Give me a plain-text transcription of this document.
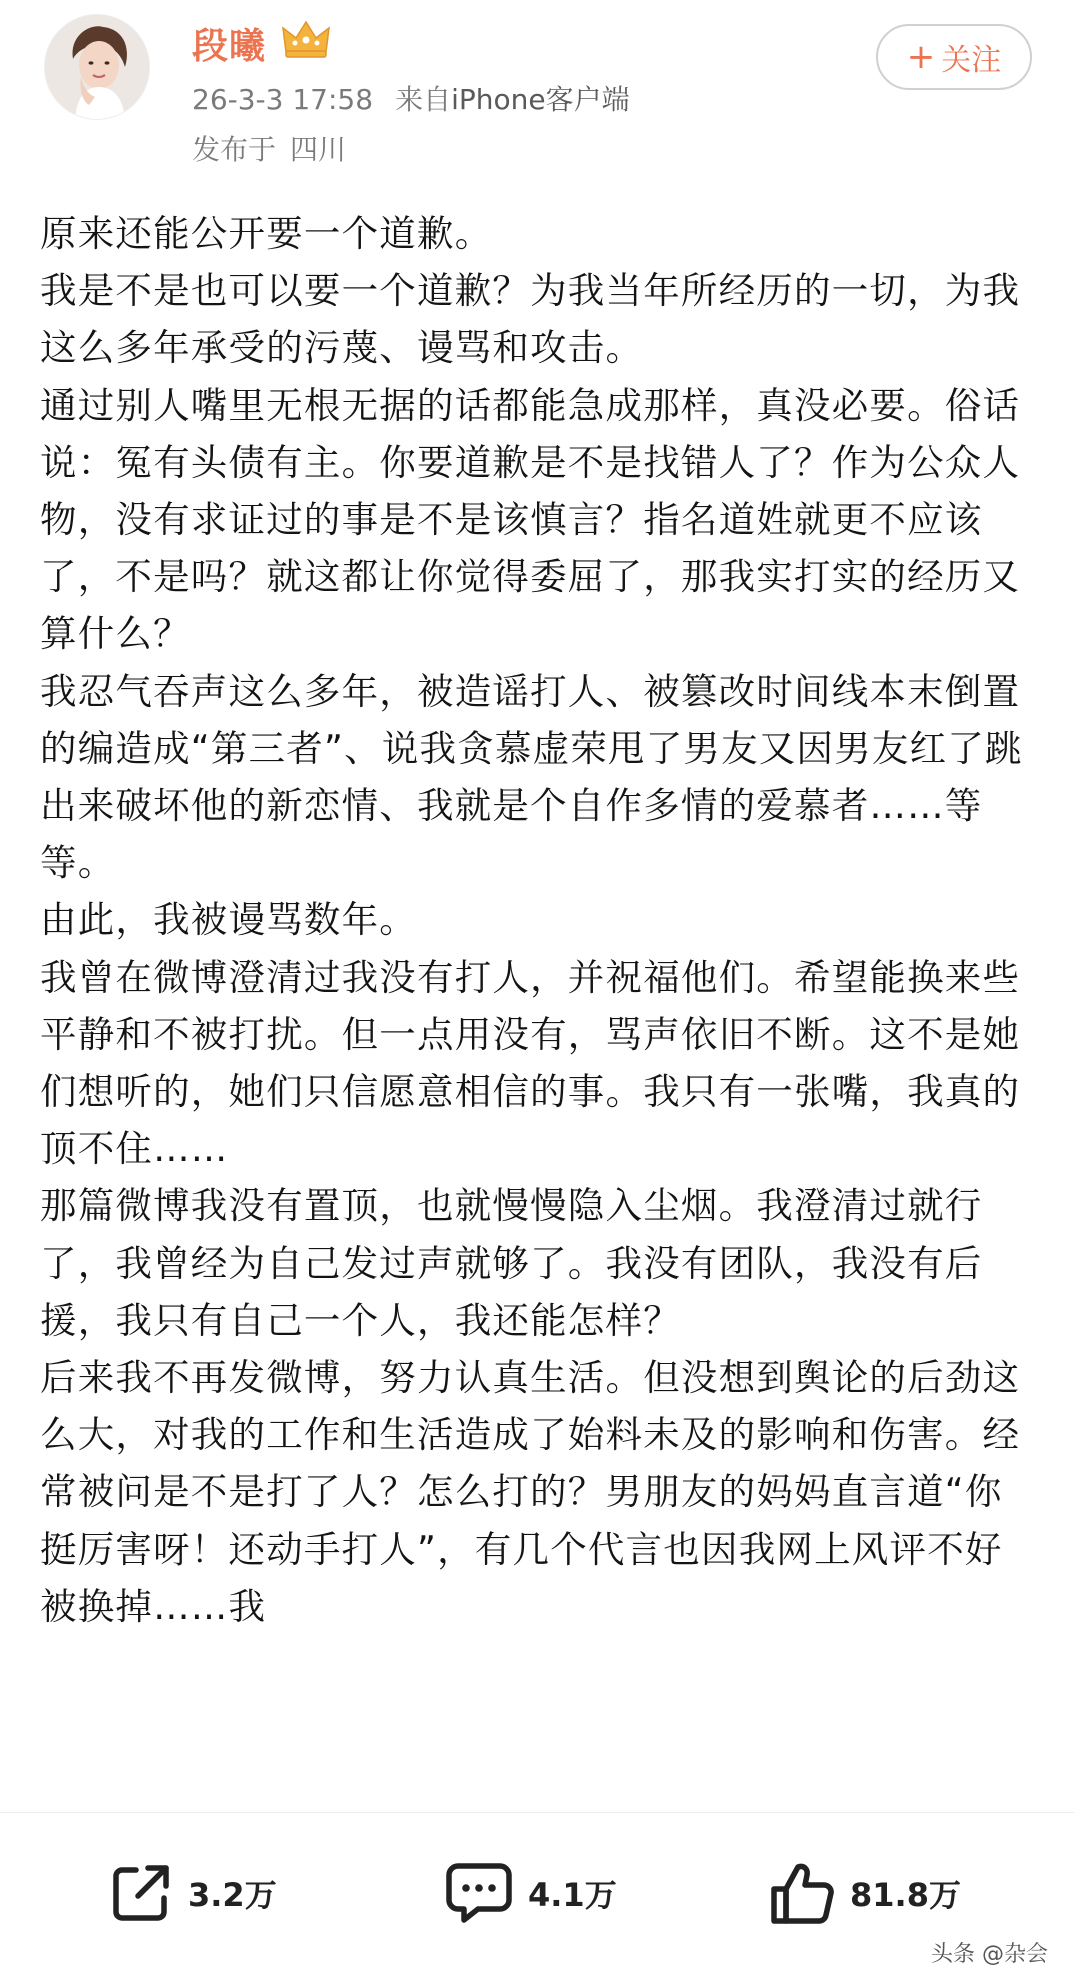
段曦
26-3-3 17:58 来自iPhone客户端
发布于 四川
+ 关注

原来还能公开要一个道歉。

我是不是也可以要一个道歉？为我当年所经历的一切，为我这么多年承受的污蔑、谩骂和攻击。

通过别人嘴里无根无据的话都能急成那样，真没必要。俗话说：冤有头债有主。你要道歉是不是找错人了？作为公众人物，没有求证过的事是不是该慎言？指名道姓就更不应该了，不是吗？就这都让你觉得委屈了，那我实打实的经历又算什么？

我忍气吞声这么多年，被造谣打人、被篡改时间线本末倒置的编造成“第三者”、说我贪慕虚荣甩了男友又因男友红了跳出来破坏他的新恋情、我就是个自作多情的爱慕者……等等。

由此，我被谩骂数年。

我曾在微博澄清过我没有打人，并祝福他们。希望能换来些平静和不被打扰。但一点用没有，骂声依旧不断。这不是她们想听的，她们只信愿意相信的事。我只有一张嘴，我真的顶不住……

那篇微博我没有置顶，也就慢慢隐入尘烟。我澄清过就行了，我曾经为自己发过声就够了。我没有团队，我没有后援，我只有自己一个人，我还能怎样？

后来我不再发微博，努力认真生活。但没想到舆论的后劲这么大，对我的工作和生活造成了始料未及的影响和伤害。经常被问是不是打了人？怎么打的？男朋友的妈妈直言道“你挺厉害呀！还动手打人”，有几个代言也因我网上风评不好被换掉……我

3.2万	4.1万	81.8万
头条 @杂会
